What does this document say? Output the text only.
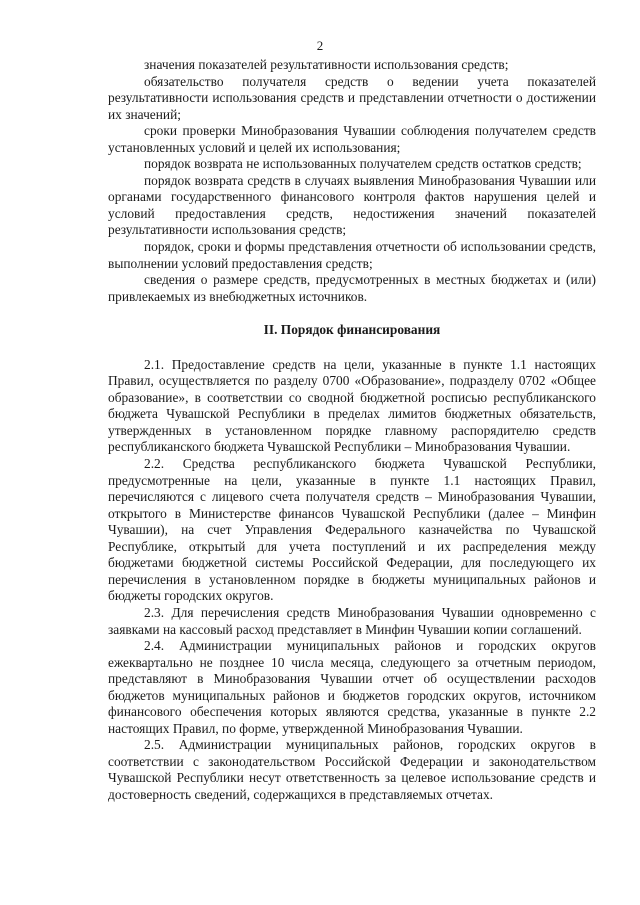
2

значения показателей результативности использования средств;

обязательство получателя средств о ведении учета показателей результативности использования средств и представлении отчетности о достижении их значений;

сроки проверки Минобразования Чувашии соблюдения получателем средств установленных условий и целей их использования;

порядок возврата не использованных получателем средств остатков средств;

порядок возврата средств в случаях выявления Минобразования Чувашии или органами государственного финансового контроля фактов нарушения целей и условий предоставления средств, недостижения значений показателей результативности использования средств;

порядок, сроки и формы представления отчетности об использовании средств, выполнении условий предоставления средств;

сведения о размере средств, предусмотренных в местных бюджетах и (или) привлекаемых из внебюджетных источников.

II. Порядок финансирования

2.1. Предоставление средств на цели, указанные в пункте 1.1 настоящих Правил, осуществляется по разделу 0700 «Образование», подразделу 0702 «Общее образование», в соответствии со сводной бюджетной росписью республиканского бюджета Чувашской Республики в пределах лимитов бюджетных обязательств, утвержденных в установленном порядке главному распорядителю средств республиканского бюджета Чувашской Республики – Минобразования Чувашии.

2.2. Средства республиканского бюджета Чувашской Республики, предусмотренные на цели, указанные в пункте 1.1 настоящих Правил, перечисляются с лицевого счета получателя средств – Минобразования Чувашии, открытого в Министерстве финансов Чувашской Республики (далее – Минфин Чувашии), на счет Управления Федерального казначейства по Чувашской Республике, открытый для учета поступлений и их распределения между бюджетами бюджетной системы Российской Федерации, для последующего их перечисления в установленном порядке в бюджеты муниципальных районов и бюджеты городских округов.

2.3. Для перечисления средств Минобразования Чувашии одновременно с заявками на кассовый расход представляет в Минфин Чувашии копии соглашений.

2.4. Администрации муниципальных районов и городских округов ежеквартально не позднее 10 числа месяца, следующего за отчетным периодом, представляют в Минобразования Чувашии отчет об осуществлении расходов бюджетов муниципальных районов и бюджетов городских округов, источником финансового обеспечения которых являются средства, указанные в пункте 2.2 настоящих Правил, по форме, утвержденной Минобразования Чувашии.

2.5. Администрации муниципальных районов, городских округов в соответствии с законодательством Российской Федерации и законодательством Чувашской Республики несут ответственность за целевое использование средств и достоверность сведений, содержащихся в представляемых отчетах.
